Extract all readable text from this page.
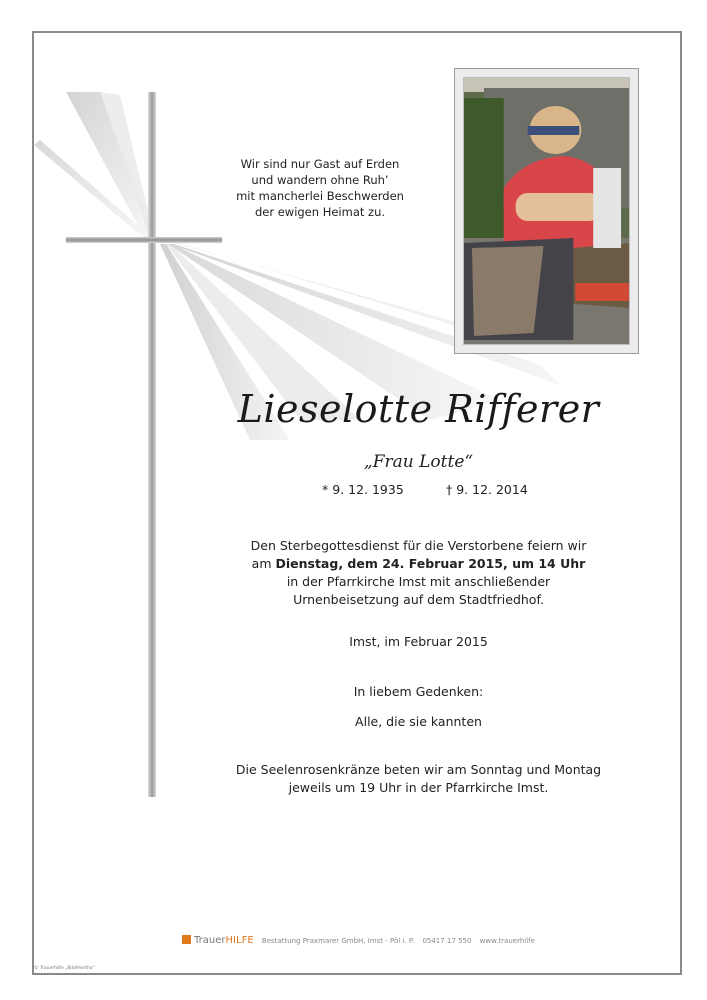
Wir sind nur Gast auf Erden
und wandern ohne Ruh’
mit mancherlei Beschwerden
der ewigen Heimat zu.
Lieselotte Rifferer
„Frau Lotte“
* 9. 12. 1935	† 9. 12. 2014
Den Sterbegottesdienst für die Verstorbene feiern wir
am Dienstag, dem 24. Februar 2015, um 14 Uhr
in der Pfarrkirche Imst mit anschließender
Urnenbeisetzung auf dem Stadtfriedhof.
Imst, im Februar 2015
In liebem Gedenken:
Alle, die sie kannten
Die Seelenrosenkränze beten wir am Sonntag und Montag
jeweils um 19 Uhr in der Pfarrkirche Imst.
TrauerHILFE Bestattung Praxmarer GmbH, Imst - Pöl i. P. 05417 17 550 www.trauerhilfe
© Trauerhilfe „Bild/Hertha“
